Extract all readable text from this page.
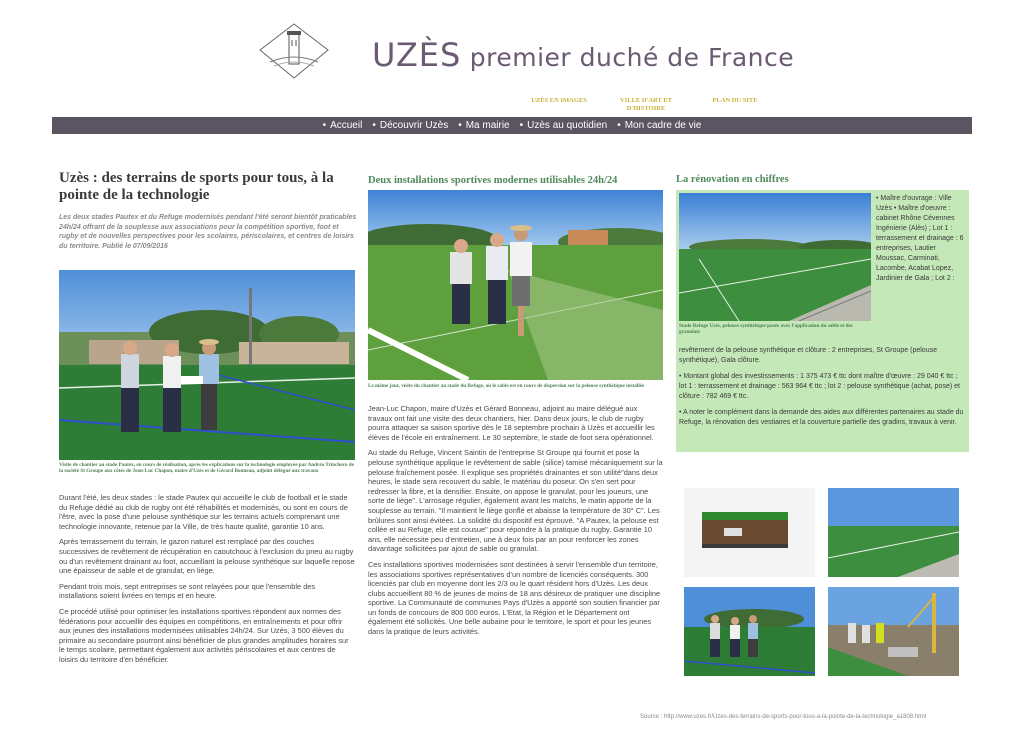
UZÈS premier duché de France
UZÈS EN IMAGES	VILLE D'ART ET D'HISTOIRE
PLAN DU SITE
• Accueil	• Découvrir Uzès	• Ma mairie	• Uzès au quotidien	• Mon cadre de vie
Uzès : des terrains de sports pour tous, à la pointe de la technologie

Les deux stades Pautex et du Refuge modernisés pendant l'été seront bientôt praticables 24h/24 offrant de la souplesse aux associations pour la compétition sportive, foot et rugby et de nouvelles perspectives pour les scolaires, périscolaires, et centres de loisirs du territoire. Publié le 07/09/2016

Visite de chantier au stade Pautex, en cours de réalisation, après les explications sur la technologie employée par Andréa Trinchero de la société St Groupe aux côtés de Jean-Luc Chapon, maire d'Uzès et de Gérard Bonneau, adjoint délégué aux travaux

Durant l'été, les deux stades : le stade Pautex qui accueille le club de football et le stade du Refuge dédié au club de rugby ont été réhabilités et modernisés, ou sont en cours de l'être, avec la pose d'une pelouse synthétique sur les terrains actuels comprenant une technologie innovante, retenue par la Ville, de très haute qualité, garantie 10 ans.

Après terrassement du terrain, le gazon naturel est remplacé par des couches successives de revêtement de récupération en caoutchouc à l'exclusion du pneu au rugby ou d'un revêtement drainant au foot, accueillant la pelouse synthétique sur laquelle repose une épaisseur de sable et de granulat, en liège.

Pendant trois mois, sept entreprises se sont relayées pour que l'ensemble des installations soient livrées en temps et en heure.

Ce procédé utilisé pour optimiser les installations sportives répondent aux normes des fédérations pour accueillir des équipes en compétitions, en entraînements et pour offrir aux jeunes des installations modernisées utilisables 24h/24. Sur Uzès, 3 500 élèves du primaire au secondaire pourront ainsi bénéficier de plus grandes amplitudes horaires sur le temps scolaire, permettant également aux activités périscolaires et aux centres de loisirs du territoire d'en bénéficier.

Deux installations sportives modernes utilisables 24h/24

Le même jour, visite du chantier au stade du Refuge, où le sable est en cours de dispersion sur la pelouse synthétique installée

Jean-Luc Chapon, maire d'Uzès et Gérard Bonneau, adjoint au maire délégué aux travaux ont fait une visite des deux chantiers, hier. Dans deux jours, le club de rugby pourra attaquer sa saison sportive dès le 18 septembre prochain à Uzès et accueillir les élèves de l'école en entraînement. Le 30 septembre, le stade de foot sera opérationnel.

Au stade du Refuge, Vincent Saintin de l'entreprise St Groupe qui fournit et pose la pelouse synthétique applique le revêtement de sable (silice) tamisé mécaniquement sur la pelouse fraîchement posée. Il explique ses propriétés drainantes et son utilité"dans deux heures, le stade sera recouvert du sable, le matériau du poseur. On s'en sert pour redresser la fibre, et la densifier. Ensuite, on appose le granulat, pour les joueurs, une sorte de liège". L'arrosage régulier, également avant les matchs, le matin apporte de la souplesse au terrain. "Il maintient le liège gonflé et abaisse la température de 30° C". Les brûlures sont ainsi évitées. La solidité du dispositif est éprouvé. "A Pautex, la pelouse est collée et au Refuge, elle est cousue" pour répondre à la pratique du rugby. Garantie 10 ans, elle nécessite peu d'entretien, une à deux fois par an pour renforcer les zones davantage sollicitées par ajout de sable ou granulat.

Ces installations sportives modernisées sont destinées à servir l'ensemble d'un territoire, les associations sportives représentatives d'un nombre de licenciés conséquents. 300 licenciés par club en moyenne dont les 2/3 ou le quart résident hors d'Uzès. Les deux clubs accueillent 80 % de jeunes de moins de 18 ans désireux de pratiquer une discipline sportive. La Communauté de communes Pays d'Uzès a apporté son soutien financier par un fonds de concours de 800 000 euros. L'Etat, la Région et le Département ont également été sollicités. Une belle aubaine pour le territoire, le sport et pour les jeunes dans la pratique de leurs activités.

La rénovation en chiffres

Stade Refuge Uzès, pelouse synthétique posée avec l'application du sable et des granulats

• Maître d'ouvrage : Ville Uzès • Maître d'oeuvre : cabinet Rhône Cévennes Ingénierie (Alès) ; Lot 1 : terrassement et drainage : 6 entreprises, Lautier Moussac, Carminati, Lacombe, Acabat Lopez, Jardinier de Gala ; Lot 2 :

revêtement de la pelouse synthétique et clôture : 2 entreprises, St Groupe (pelouse synthétique), Gala clôture.

• Montant global des investissements : 1 375 473 € ttc dont maître d'œuvre : 29 040 € ttc ; lot 1 : terrassement et drainage : 563 964 € ttc ; lot 2 : pelouse synthétique (achat, pose) et clôture : 782 469 € ttc.

• A noter le complément dans la demande des aides aux différentes partenaires au stade du Refuge, la rénovation des vestiaires et la couverture partielle des gradins, travaux à venir.

Source : http://www.uzes.fr/Uzes-des-terrains-de-sports-pour-tous-a-la-pointe-de-la-technologie_a1808.html
